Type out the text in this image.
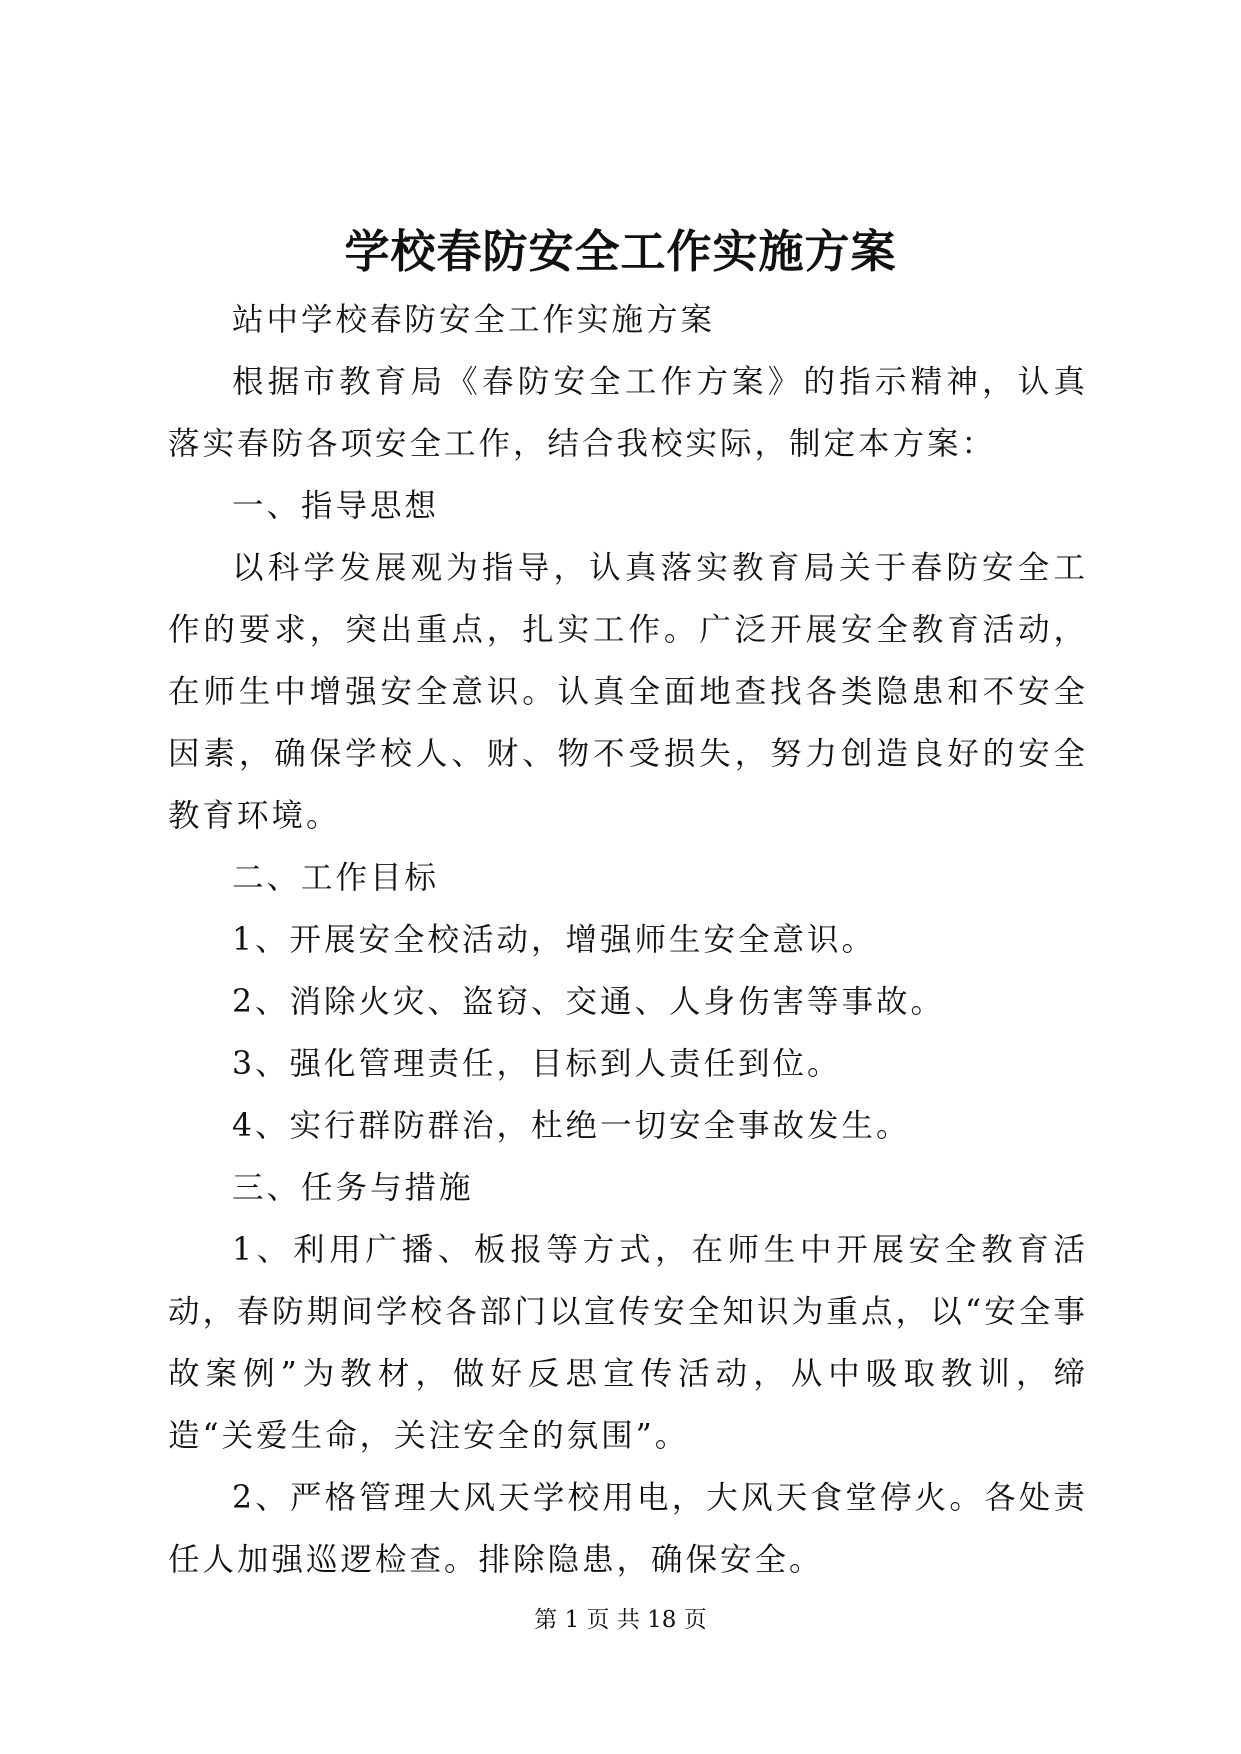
学校春防安全工作实施方案

站中学校春防安全工作实施方案

根据市教育局《春防安全工作方案》的指示精神，认真落实春防各项安全工作，结合我校实际，制定本方案：

一、指导思想

以科学发展观为指导，认真落实教育局关于春防安全工作的要求，突出重点，扎实工作。广泛开展安全教育活动，在师生中增强安全意识。认真全面地查找各类隐患和不安全因素，确保学校人、财、物不受损失，努力创造良好的安全教育环境。

二、工作目标

1、开展安全校活动，增强师生安全意识。

2、消除火灾、盗窃、交通、人身伤害等事故。

3、强化管理责任，目标到人责任到位。

4、实行群防群治，杜绝一切安全事故发生。

三、任务与措施

1、利用广播、板报等方式，在师生中开展安全教育活动，春防期间学校各部门以宣传安全知识为重点，以“安全事故案例”为教材，做好反思宣传活动，从中吸取教训，缔造“关爱生命，关注安全的氛围”。

2、严格管理大风天学校用电，大风天食堂停火。各处责任人加强巡逻检查。排除隐患，确保安全。

第 1 页 共 18 页
